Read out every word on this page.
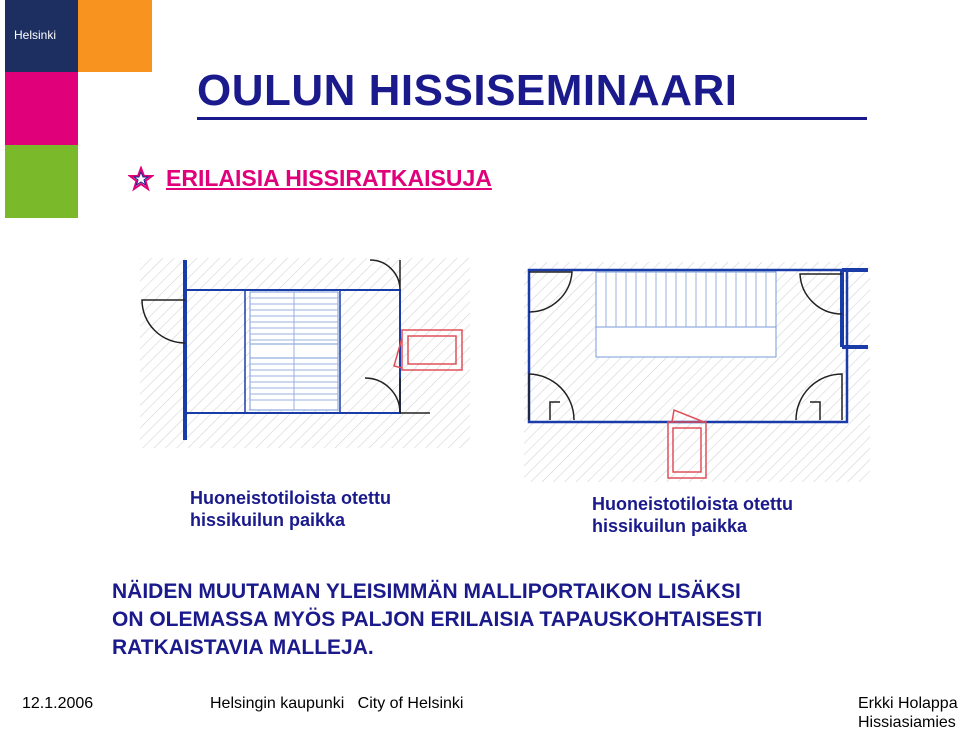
Helsinki
OULUN HISSISEMINAARI
ERILAISIA HISSIRATKAISUJA
Huoneistotiloista otettu
hissikuilun paikka
Huoneistotiloista otettu
hissikuilun paikka
NÄIDEN MUUTAMAN YLEISIMMÄN MALLIPORTAIKON LISÄKSI
ON OLEMASSA MYÖS PALJON ERILAISIA TAPAUSKOHTAISESTI
RATKAISTAVIA MALLEJA.
12.1.2006	Helsingin kaupunki   City of Helsinki	Erkki Holappa
Hissiasiamies
